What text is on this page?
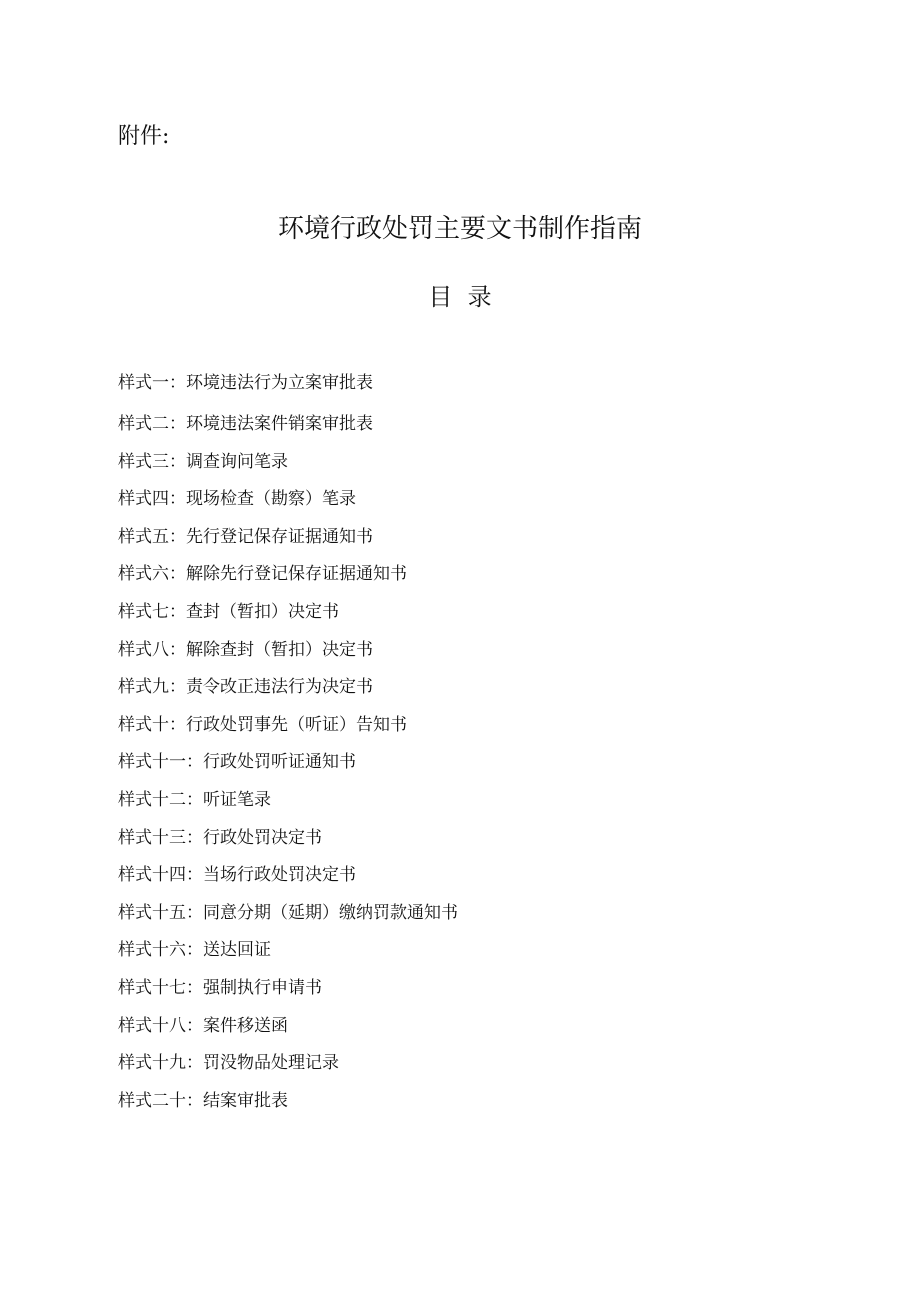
附件:
环境行政处罚主要文书制作指南
目  录
样式一：环境违法行为立案审批表
样式二：环境违法案件销案审批表
样式三：调查询问笔录
样式四：现场检查（勘察）笔录
样式五：先行登记保存证据通知书
样式六：解除先行登记保存证据通知书
样式七：查封（暂扣）决定书
样式八：解除查封（暂扣）决定书
样式九：责令改正违法行为决定书
样式十：行政处罚事先（听证）告知书
样式十一：行政处罚听证通知书
样式十二：听证笔录
样式十三：行政处罚决定书
样式十四：当场行政处罚决定书
样式十五：同意分期（延期）缴纳罚款通知书
样式十六：送达回证
样式十七：强制执行申请书
样式十八：案件移送函
样式十九：罚没物品处理记录
样式二十：结案审批表
